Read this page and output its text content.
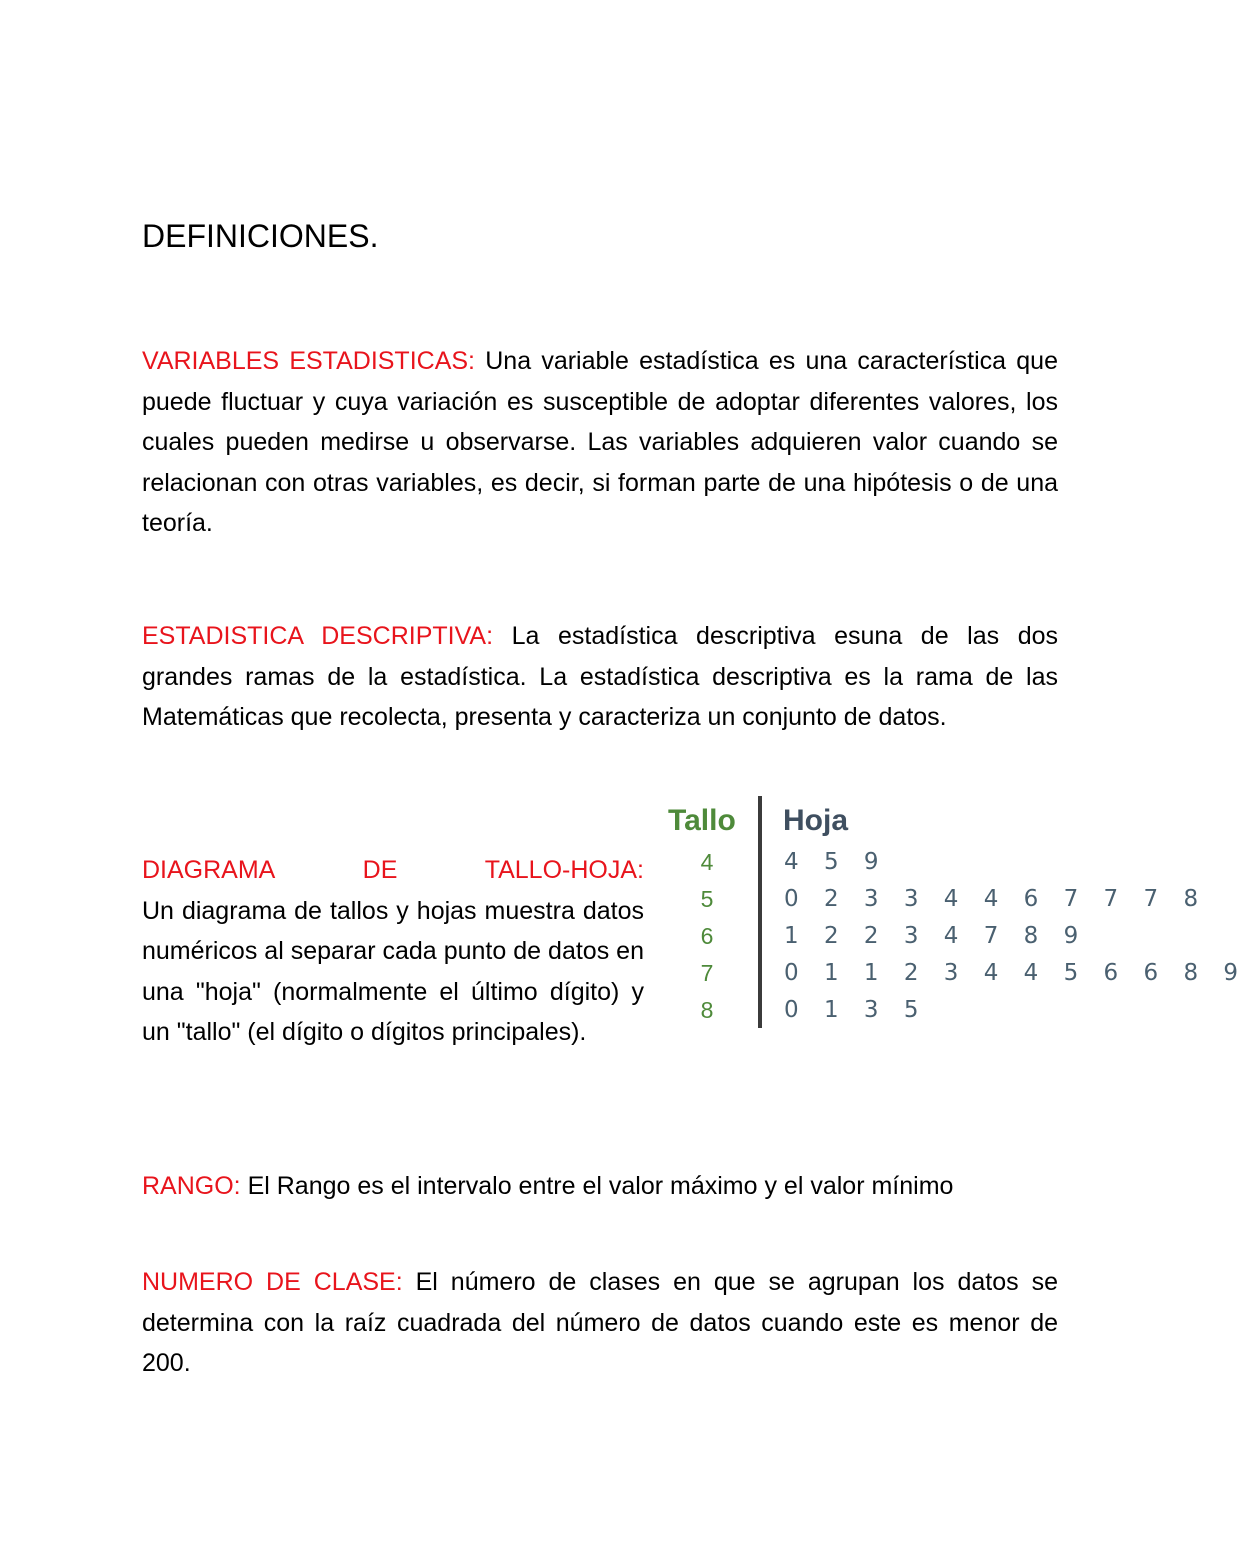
DEFINICIONES.

VARIABLES ESTADISTICAS: Una variable estadística es una característica que puede fluctuar y cuya variación es susceptible de adoptar diferentes valores, los cuales pueden medirse u observarse. Las variables adquieren valor cuando se relacionan con otras variables, es decir, si forman parte de una hipótesis o de una teoría.

ESTADISTICA DESCRIPTIVA: La estadística descriptiva esuna de las dos grandes ramas de la estadística. La estadística descriptiva es la rama de las Matemáticas que recolecta, presenta y caracteriza un conjunto de datos.

DIAGRAMA	DE	TALLO-HOJA:
Un diagrama de tallos y hojas muestra datos numéricos al separar cada punto de datos en una "hoja" (normalmente el último dígito) y un "tallo" (el dígito o dígitos principales).
Tallo Hoja
4	4 5 9
5	0 2 3 3 4 4 6 7 7 7 8
6	1 2 2 3 4 7 8 9
7	0 1 1 2 3 4 4 5 6 6 8 9
8	0 1 3 5

RANGO: El Rango es el intervalo entre el valor máximo y el valor mínimo

NUMERO DE CLASE: El número de clases en que se agrupan los datos se determina con la raíz cuadrada del número de datos cuando este es menor de 200.
